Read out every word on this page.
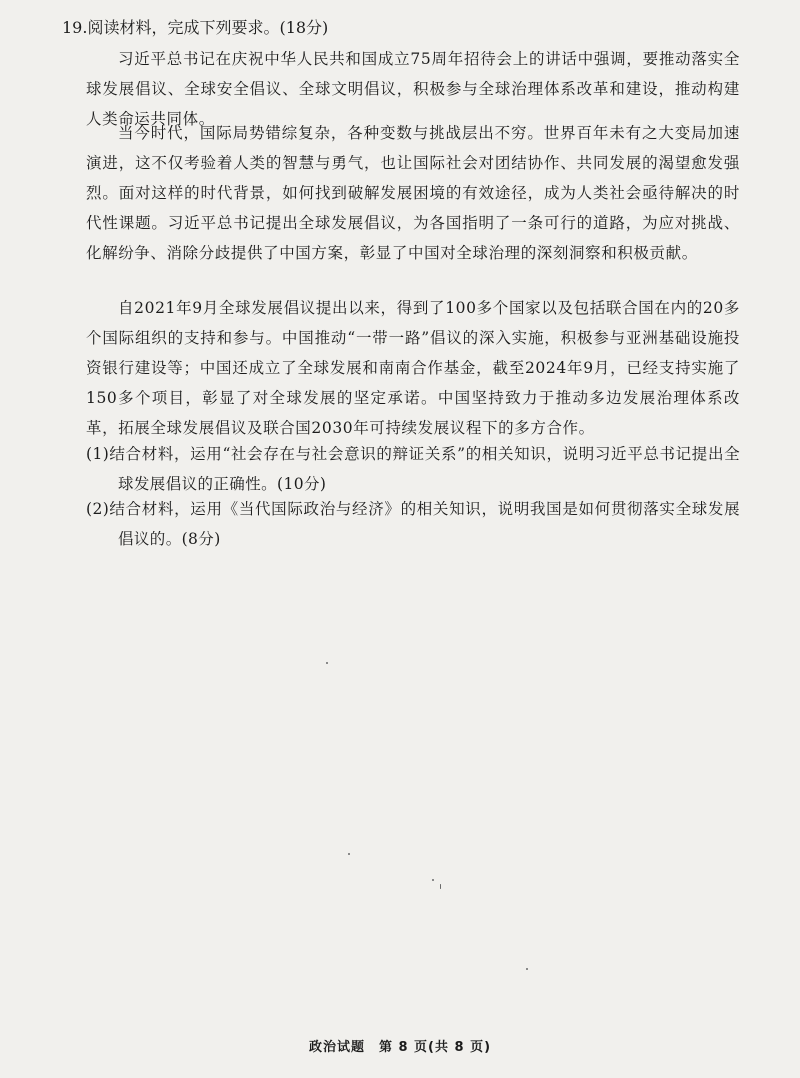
19.阅读材料，完成下列要求。(18分)
习近平总书记在庆祝中华人民共和国成立75周年招待会上的讲话中强调，要推动落实全球发展倡议、全球安全倡议、全球文明倡议，积极参与全球治理体系改革和建设，推动构建人类命运共同体。
当今时代，国际局势错综复杂，各种变数与挑战层出不穷。世界百年未有之大变局加速演进，这不仅考验着人类的智慧与勇气，也让国际社会对团结协作、共同发展的渴望愈发强烈。面对这样的时代背景，如何找到破解发展困境的有效途径，成为人类社会亟待解决的时代性课题。习近平总书记提出全球发展倡议，为各国指明了一条可行的道路，为应对挑战、化解纷争、消除分歧提供了中国方案，彰显了中国对全球治理的深刻洞察和积极贡献。
自2021年9月全球发展倡议提出以来，得到了100多个国家以及包括联合国在内的20多个国际组织的支持和参与。中国推动“一带一路”倡议的深入实施，积极参与亚洲基础设施投资银行建设等；中国还成立了全球发展和南南合作基金，截至2024年9月，已经支持实施了150多个项目，彰显了对全球发展的坚定承诺。中国坚持致力于推动多边发展治理体系改革，拓展全球发展倡议及联合国2030年可持续发展议程下的多方合作。
(1)结合材料，运用“社会存在与社会意识的辩证关系”的相关知识，说明习近平总书记提出全球发展倡议的正确性。(10分)
(2)结合材料，运用《当代国际政治与经济》的相关知识，说明我国是如何贯彻落实全球发展倡议的。(8分)
政治试题　第 8 页(共 8 页)
